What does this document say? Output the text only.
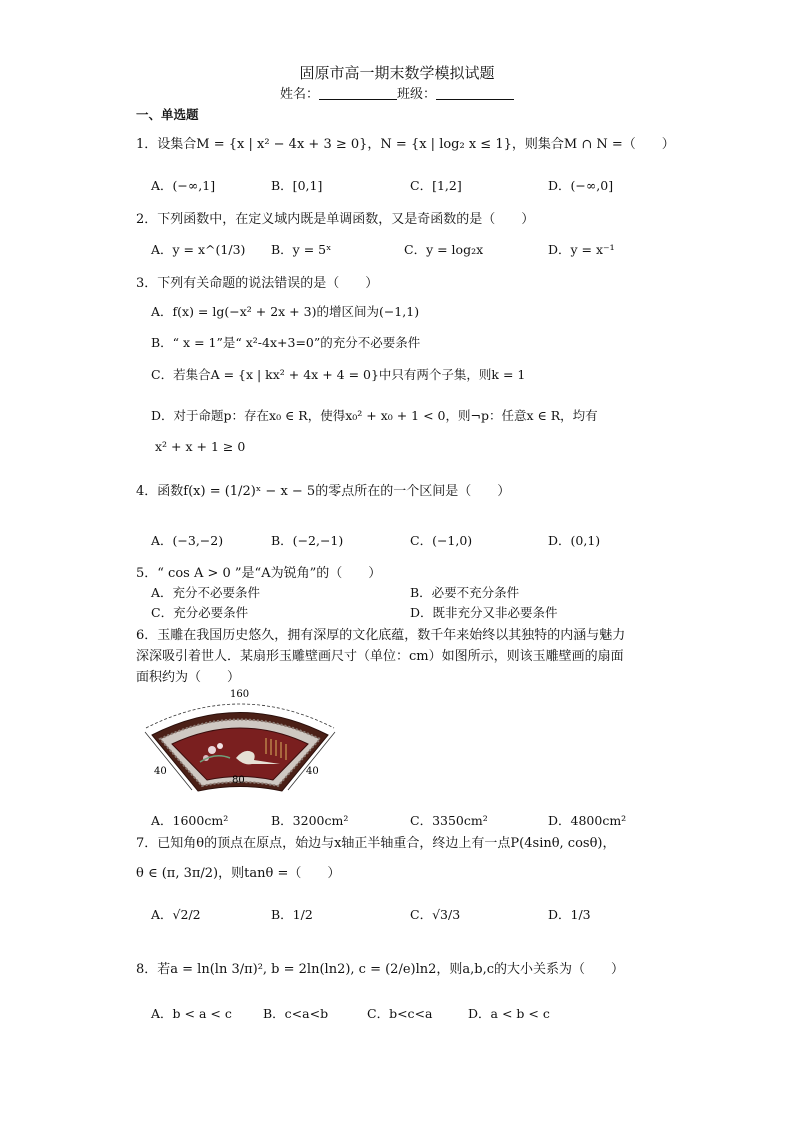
固原市高一期末数学模拟试题
姓名：	班级：
一、单选题
1．设集合M = {x | x² − 4x + 3 ≥ 0}，N = {x | log₂ x ≤ 1}，则集合M ∩ N =（　　）
A．(−∞,1]	B．[0,1]	C．[1,2]	D．(−∞,0]
2．下列函数中，在定义域内既是单调函数，又是奇函数的是（　　）
A．y = x^(1/3) B．y = 5ˣ	C．y = log₂x	D．y = x⁻¹
3．下列有关命题的说法错误的是（　　）
A．f(x) = lg(−x² + 2x + 3)的增区间为(−1,1)
B．“ x = 1”是“ x²-4x+3=0”的充分不必要条件
C．若集合A = {x | kx² + 4x + 4 = 0}中只有两个子集，则k = 1
D．对于命题p：存在x₀ ∈ R，使得x₀² + x₀ + 1 < 0，则¬p：任意x ∈ R，均有
x² + x + 1 ≥ 0
4．函数f(x) = (1/2)ˣ − x − 5的零点所在的一个区间是（　　）
A．(−3,−2)	B．(−2,−1)	C．(−1,0)	D．(0,1)
5．“ cos A > 0 ”是“A为锐角”的（　　）
A．充分不必要条件	B．必要不充分条件
C．充分必要条件	D．既非充分又非必要条件
6．玉雕在我国历史悠久，拥有深厚的文化底蕴，数千年来始终以其独特的内涵与魅力
深深吸引着世人．某扇形玉雕壁画尺寸（单位：cm）如图所示，则该玉雕壁画的扇面
面积约为（　　）
160
40	40
80
A．1600cm²	B．3200cm²	C．3350cm²	D．4800cm²
7．已知角θ的顶点在原点，始边与x轴正半轴重合，终边上有一点P(4sinθ, cosθ)，
θ ∈ (π, 3π/2)，则tanθ =（　　）
A．√2/2	B．1/2	C．√3/3	D．1/3
8．若a = ln(ln 3/π)², b = 2ln(ln2), c = (2/e)ln2，则a,b,c的大小关系为（　　）
A．b < a < c B．c<a<b	C．b<c<a	D．a < b < c
